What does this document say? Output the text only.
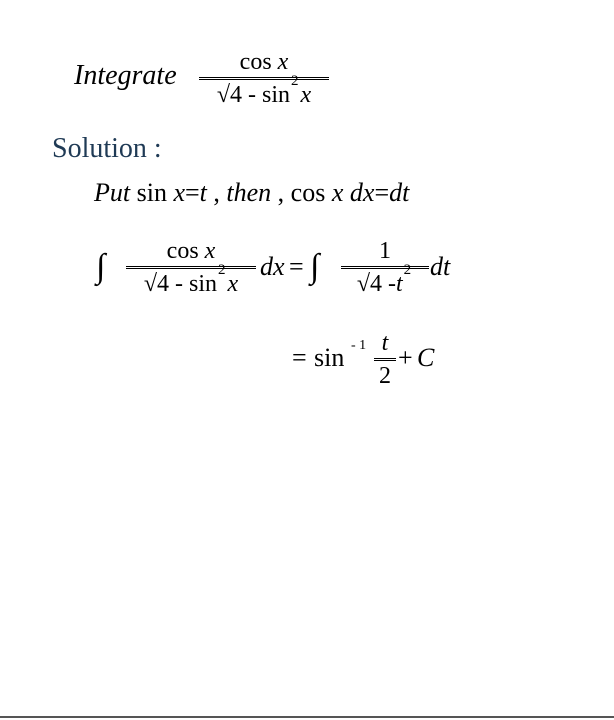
Integrate	cos x
√ 4 - sin
2
x
Solution :
Put sin x=t , then , cos x dx=dt
∫	cos x
√ 4 - sin
2
x
dx = ∫ 1
√ 4 - t
2 dt
= sin - 1 t
2
+ C
